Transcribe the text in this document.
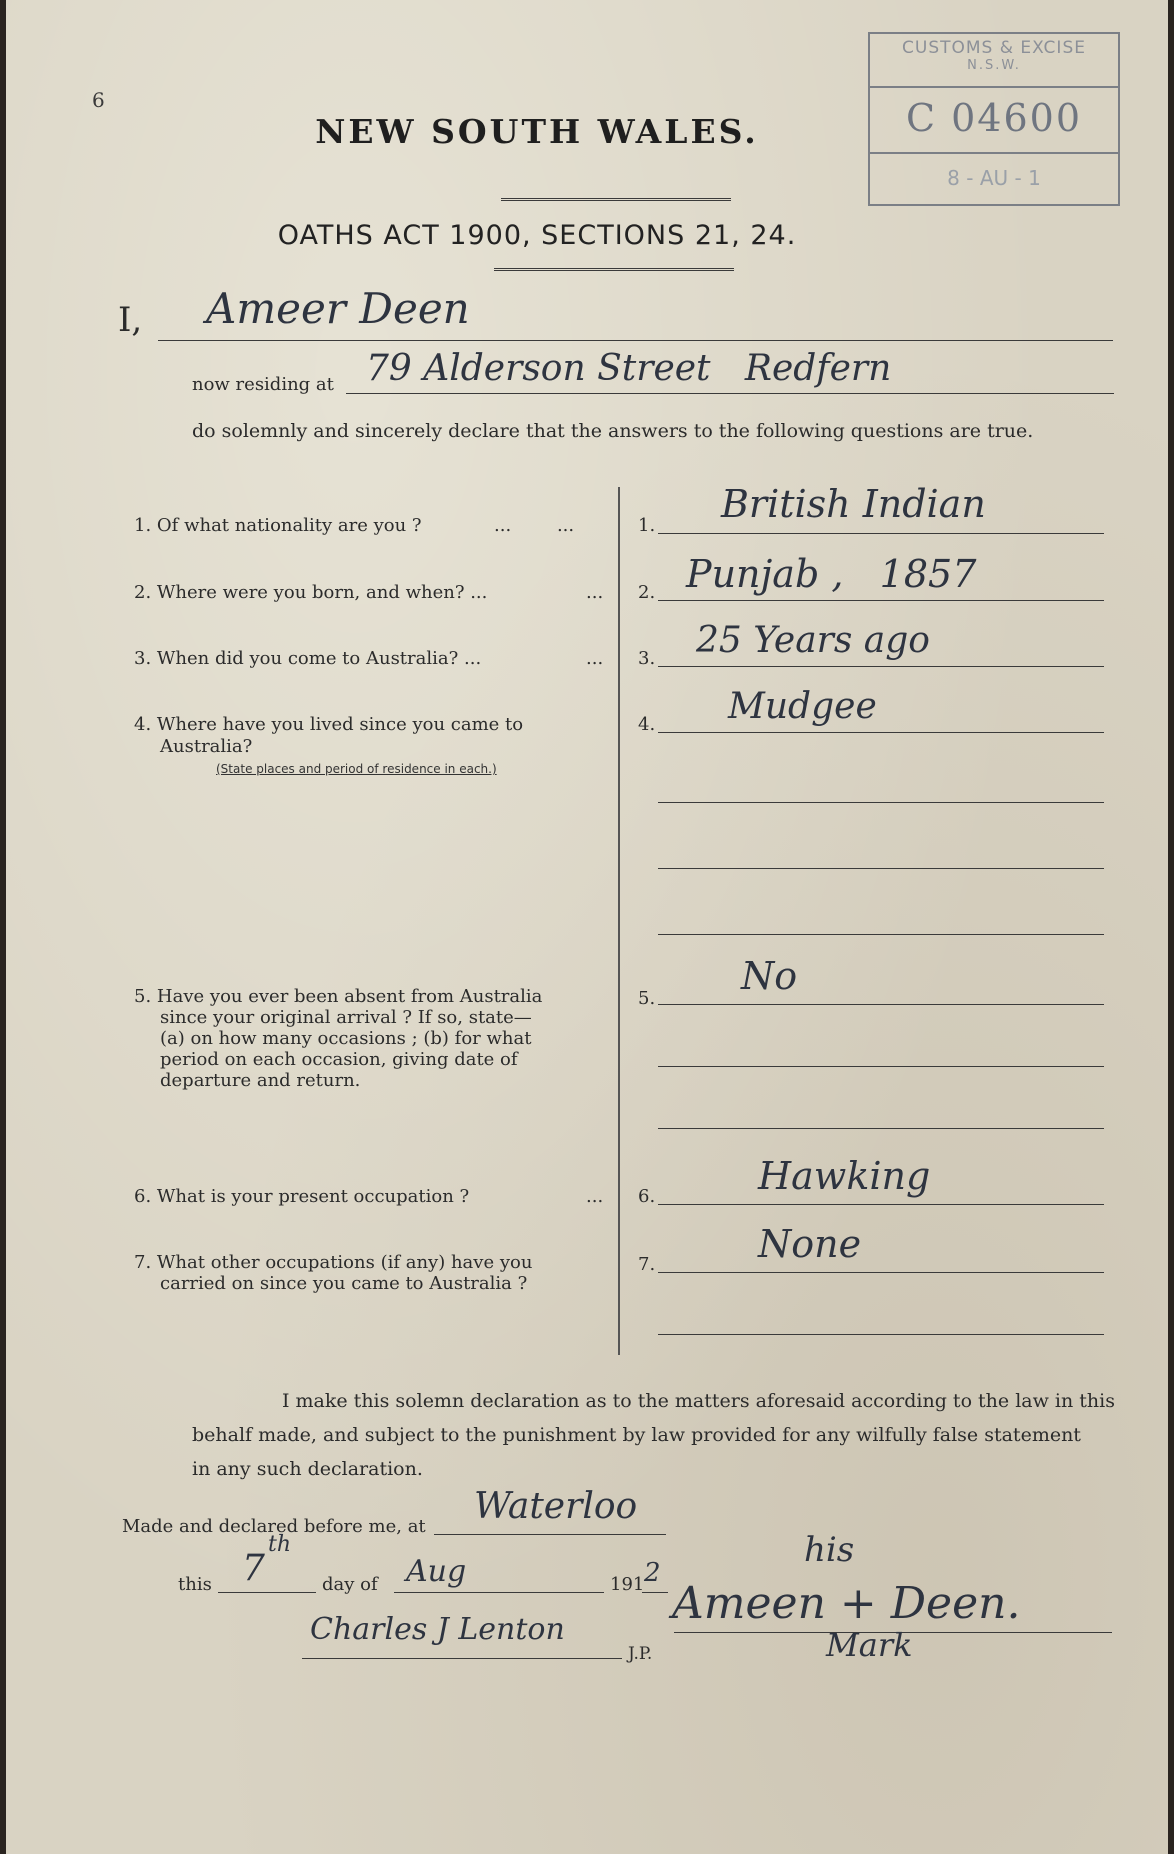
6
NEW SOUTH WALES.
OATHS ACT 1900, SECTIONS 21, 24.
CUSTOMS & EXCISE
N.S.W.
C 04600
8 - AU - 1
I, Ameer Deen
now residing at 79 Alderson Street   Redfern
do solemnly and sincerely declare that the answers to the following questions are true.
1. Of what nationality are you ?	...        ...	1. British Indian
2. Where were you born, and when? ...	... 2. Punjab ,   1857
3. When did you come to Australia? ...	... 3. 25 Years ago
4. Where have you lived since you came to
Australia?
(State places and period of residence in each.)
4. Mudgee
5. Have you ever been absent from Australia
since your original arrival ? If so, state—
(a) on how many occasions ; (b) for what
period on each occasion, giving date of
departure and return.
5.
No
6. What is your present occupation ?	... 6.	Hawking
7. What other occupations (if any) have you
carried on since you came to Australia ?
7.	None
I make this solemn declaration as to the matters aforesaid according to the law in this
behalf made, and subject to the punishment by law provided for any wilfully false statement
in any such declaration.
Made and declared before me, at Waterloo
this 7
th
day of Aug	191 2
Charles J Lenton
J.P.
his
Ameen + Deen.
Mark
